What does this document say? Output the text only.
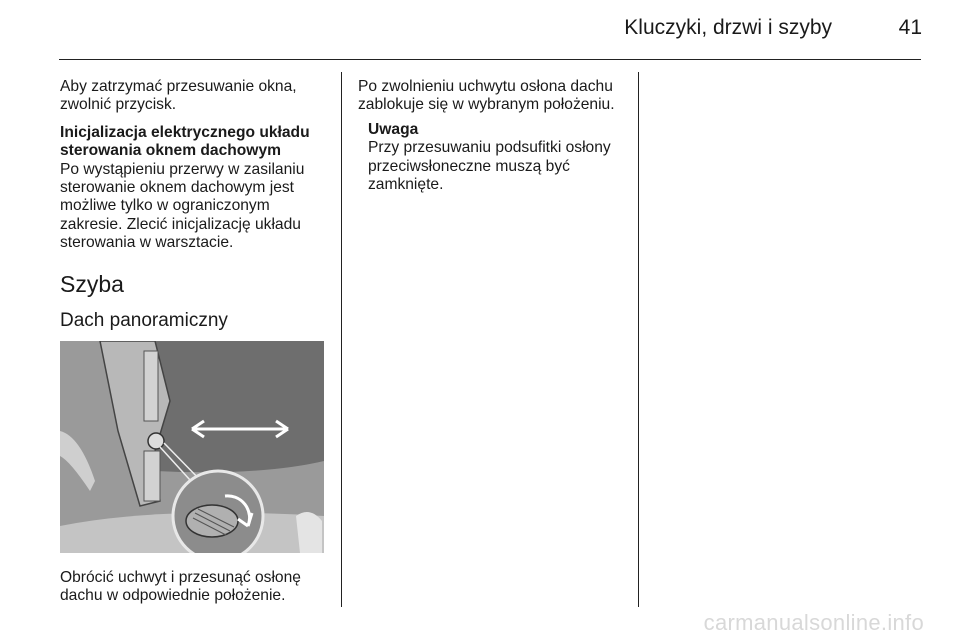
Kluczyki, drzwi i szyby	41

Aby zatrzymać przesuwanie okna, zwolnić przycisk.

Inicjalizacja elektrycznego układu sterowania oknem dachowym

Po wystąpieniu przerwy w zasilaniu sterowanie oknem dachowym jest możliwe tylko w ograniczonym zakresie. Zlecić inicjalizację układu sterowania w warsztacie.

Szyba

Dach panoramiczny

Obrócić uchwyt i przesunąć osłonę dachu w odpowiednie położenie.

Po zwolnieniu uchwytu osłona dachu zablokuje się w wybranym położeniu.

Uwaga

Przy przesuwaniu podsufitki osłony przeciwsłoneczne muszą być zamknięte.

carmanualsonline.info
